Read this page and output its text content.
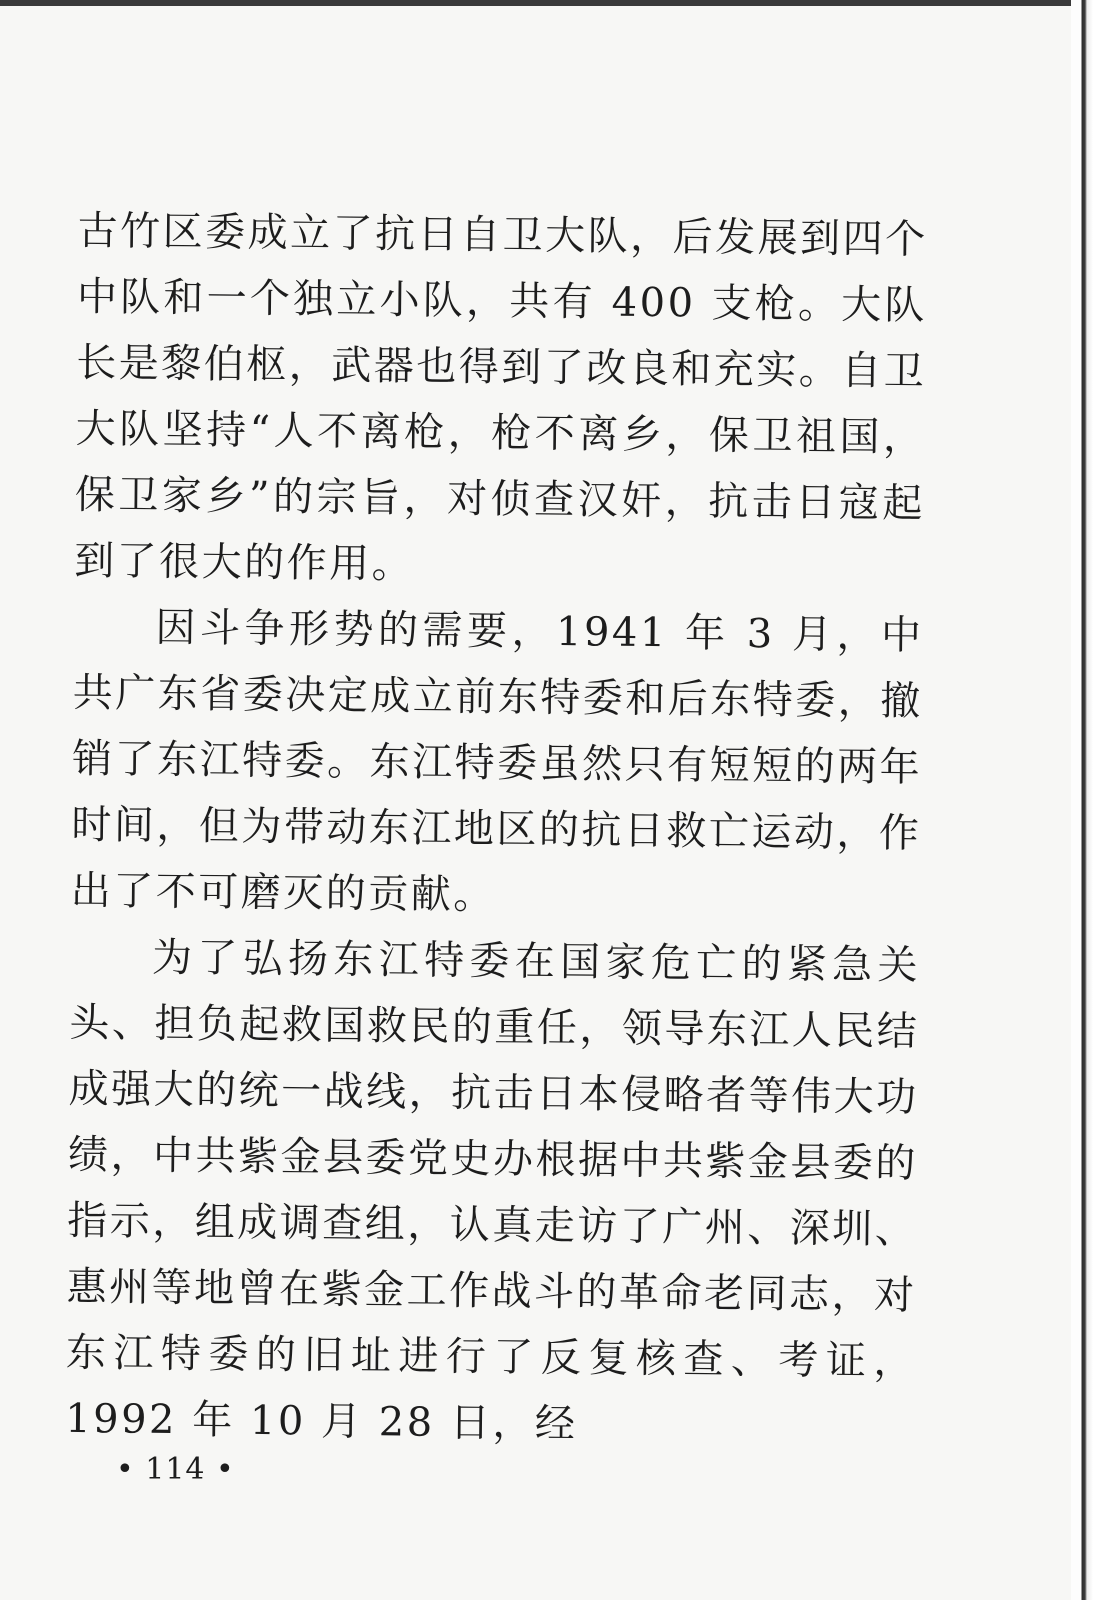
古竹区委成立了抗日自卫大队，后发展到四个中队和一个独立小队，共有 400 支枪。大队长是黎伯枢，武器也得到了改良和充实。自卫大队坚持“人不离枪，枪不离乡，保卫祖国，保卫家乡”的宗旨，对侦查汉奸，抗击日寇起到了很大的作用。

因斗争形势的需要，1941 年 3 月，中共广东省委决定成立前东特委和后东特委，撤销了东江特委。东江特委虽然只有短短的两年时间，但为带动东江地区的抗日救亡运动，作出了不可磨灭的贡献。

为了弘扬东江特委在国家危亡的紧急关头、担负起救国救民的重任，领导东江人民结成强大的统一战线，抗击日本侵略者等伟大功绩，中共紫金县委党史办根据中共紫金县委的指示，组成调查组，认真走访了广州、深圳、惠州等地曾在紫金工作战斗的革命老同志，对东江特委的旧址进行了反复核查、考证，1992 年 10 月 28 日，经

• 114 •
